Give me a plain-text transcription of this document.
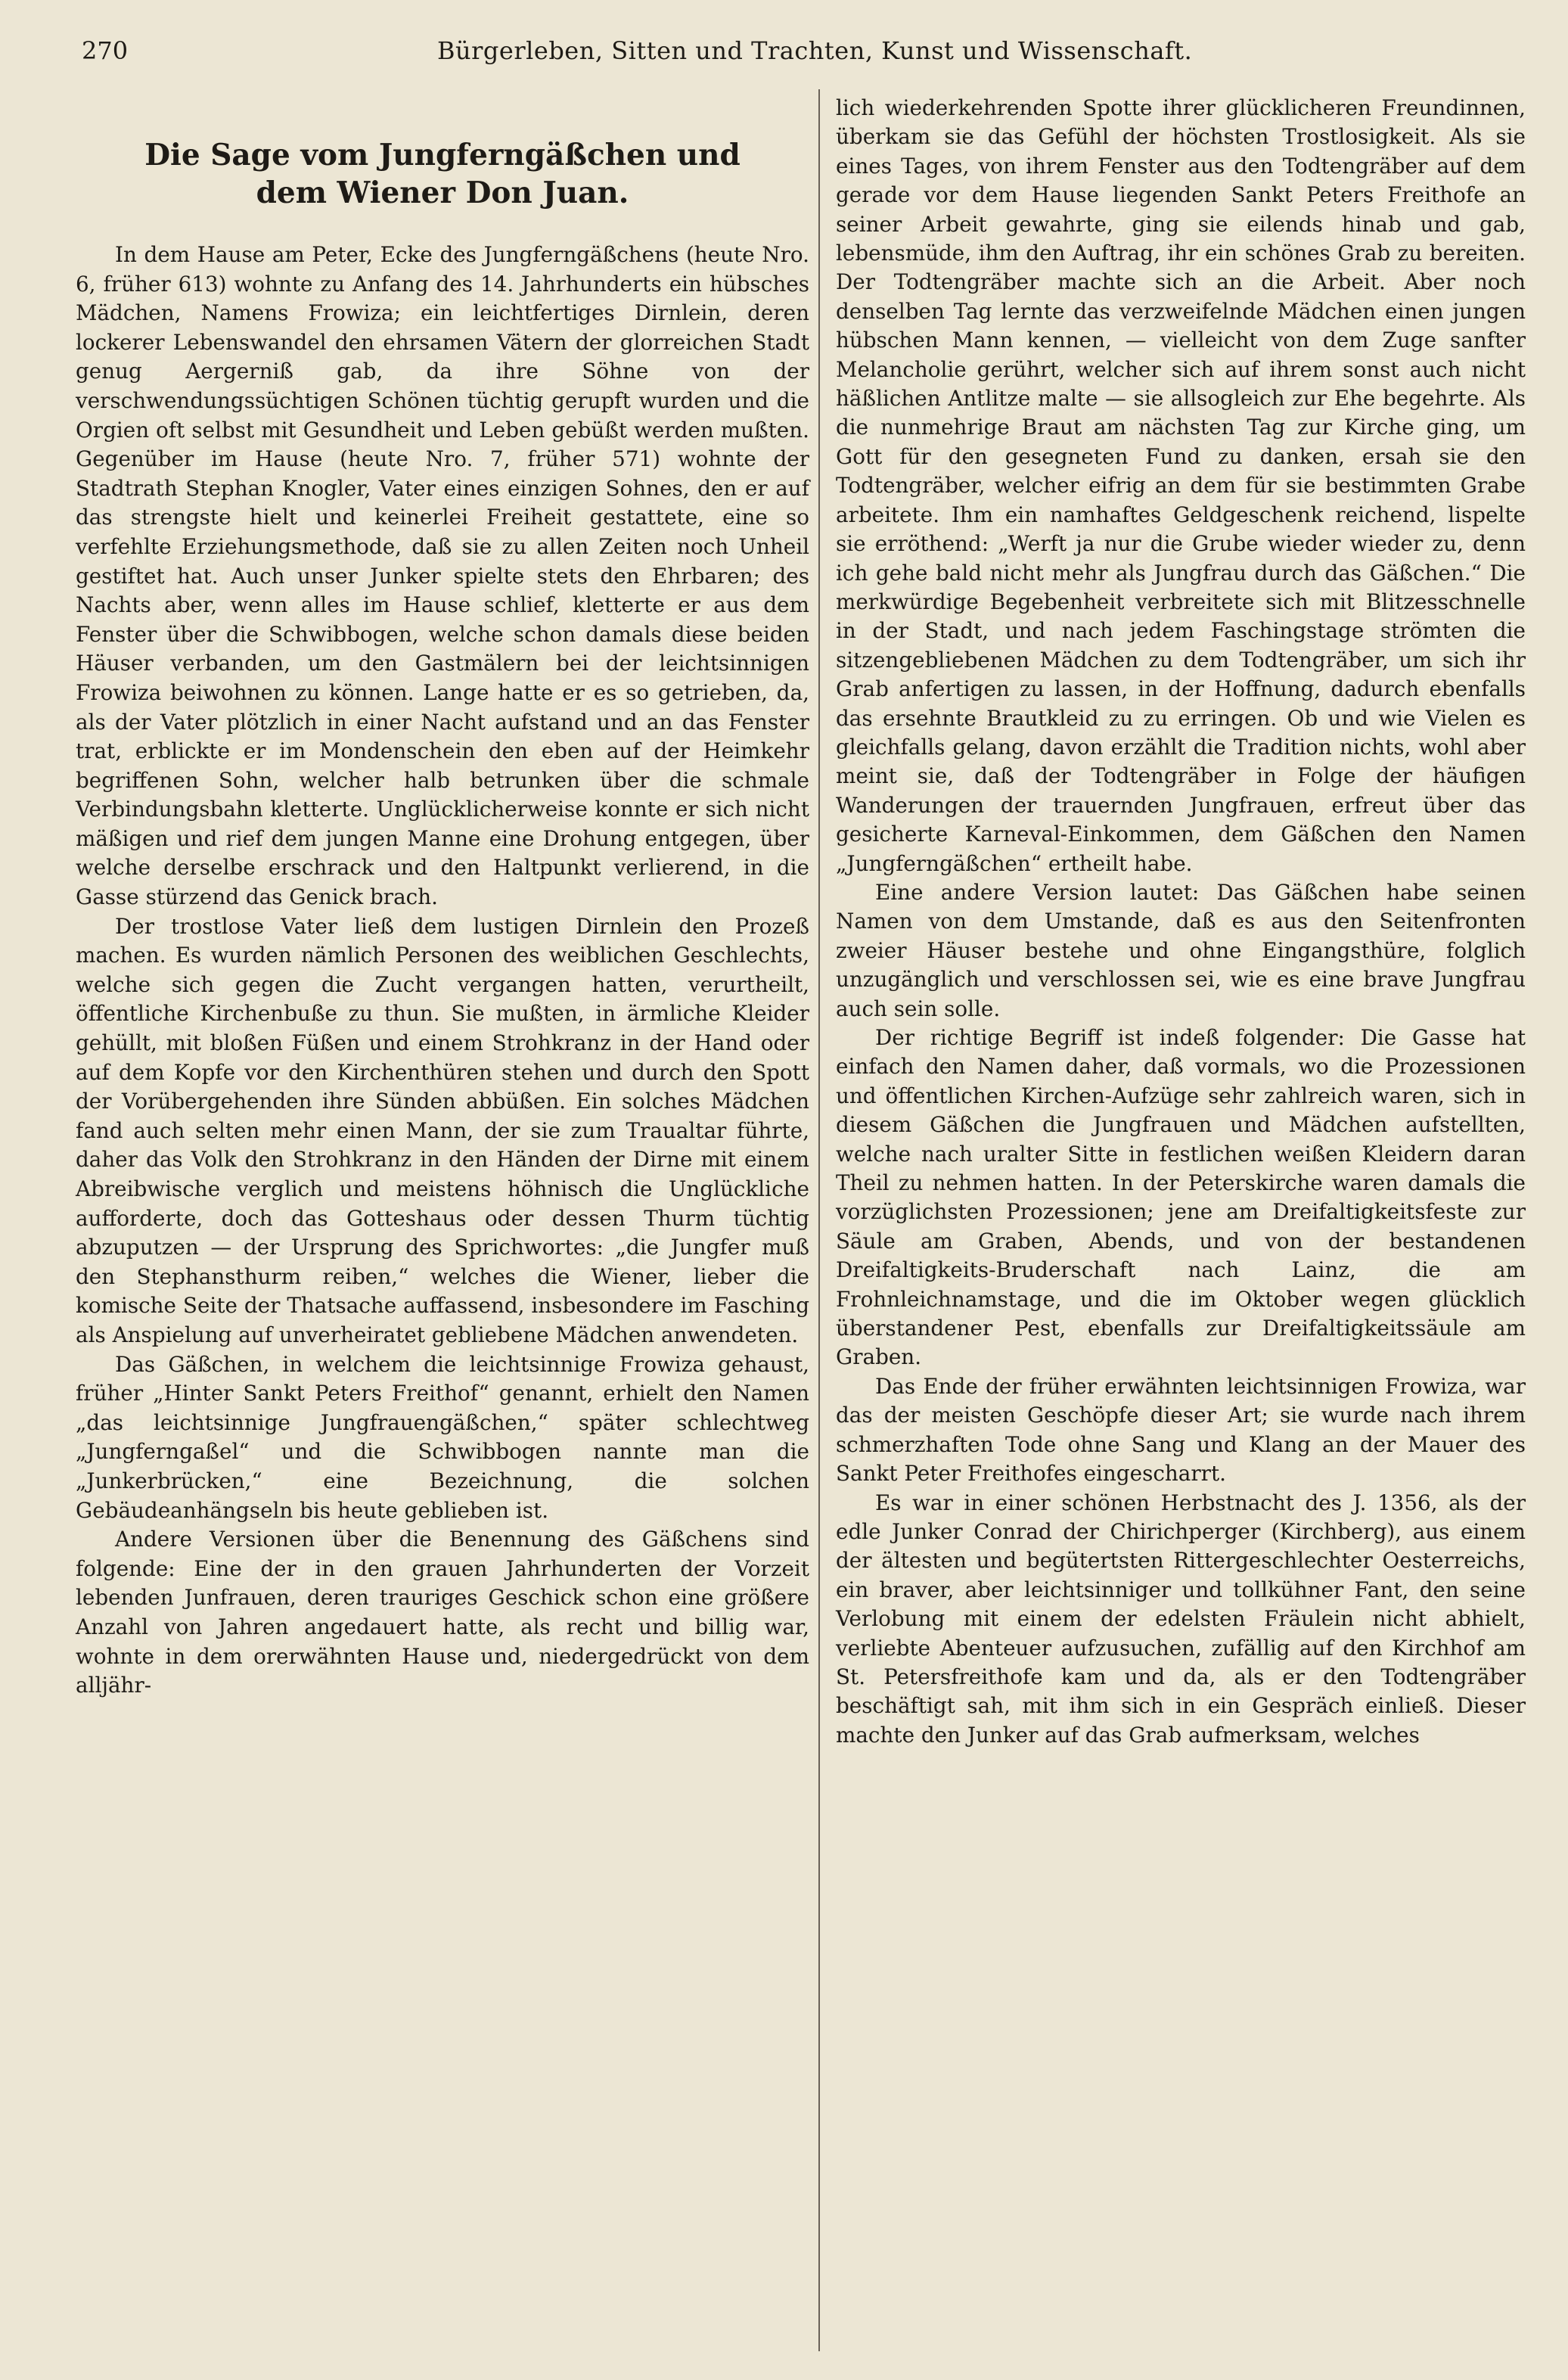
270	Bürgerleben, Sitten und Trachten, Kunst und Wissenschaft.
Die Sage vom Jungferngäßchen und dem Wiener Don Juan.

In dem Hause am Peter, Ecke des Jungferngäßchens (heute Nro. 6, früher 613) wohnte zu Anfang des 14. Jahrhunderts ein hübsches Mädchen, Namens Frowiza; ein leichtfertiges Dirnlein, deren lockerer Lebenswandel den ehrsamen Vätern der glorreichen Stadt genug Aergerniß gab, da ihre Söhne von der verschwendungssüchtigen Schönen tüchtig gerupft wurden und die Orgien oft selbst mit Gesundheit und Leben gebüßt werden mußten. Gegenüber im Hause (heute Nro. 7, früher 571) wohnte der Stadtrath Stephan Knogler, Vater eines einzigen Sohnes, den er auf das strengste hielt und keinerlei Freiheit gestattete, eine so verfehlte Erziehungsmethode, daß sie zu allen Zeiten noch Unheil gestiftet hat. Auch unser Junker spielte stets den Ehrbaren; des Nachts aber, wenn alles im Hause schlief, kletterte er aus dem Fenster über die Schwibbogen, welche schon damals diese beiden Häuser verbanden, um den Gastmälern bei der leichtsinnigen Frowiza beiwohnen zu können. Lange hatte er es so getrieben, da, als der Vater plötzlich in einer Nacht aufstand und an das Fenster trat, erblickte er im Mondenschein den eben auf der Heimkehr begriffenen Sohn, welcher halb betrunken über die schmale Verbindungsbahn kletterte. Unglücklicherweise konnte er sich nicht mäßigen und rief dem jungen Manne eine Drohung entgegen, über welche derselbe erschrack und den Haltpunkt verlierend, in die Gasse stürzend das Genick brach.

Der trostlose Vater ließ dem lustigen Dirnlein den Prozeß machen. Es wurden nämlich Personen des weiblichen Geschlechts, welche sich gegen die Zucht vergangen hatten, verurtheilt, öffentliche Kirchenbuße zu thun. Sie mußten, in ärmliche Kleider gehüllt, mit bloßen Füßen und einem Strohkranz in der Hand oder auf dem Kopfe vor den Kirchenthüren stehen und durch den Spott der Vorübergehenden ihre Sünden abbüßen. Ein solches Mädchen fand auch selten mehr einen Mann, der sie zum Traualtar führte, daher das Volk den Strohkranz in den Händen der Dirne mit einem Abreibwische verglich und meistens höhnisch die Unglückliche aufforderte, doch das Gotteshaus oder dessen Thurm tüchtig abzuputzen — der Ursprung des Sprichwortes: „die Jungfer muß den Stephansthurm reiben,“ welches die Wiener, lieber die komische Seite der Thatsache auffassend, insbesondere im Fasching als Anspielung auf unverheiratet gebliebene Mädchen anwendeten.

Das Gäßchen, in welchem die leichtsinnige Frowiza gehaust, früher „Hinter Sankt Peters Freithof“ genannt, erhielt den Namen „das leichtsinnige Jungfrauengäßchen,“ später schlechtweg „Jungferngaßel“ und die Schwibbogen nannte man die „Junkerbrücken,“ eine Bezeichnung, die solchen Gebäudeanhängseln bis heute geblieben ist.

Andere Versionen über die Benennung des Gäßchens sind folgende: Eine der in den grauen Jahrhunderten der Vorzeit lebenden Junfrauen, deren trauriges Geschick schon eine größere Anzahl von Jahren angedauert hatte, als recht und billig war, wohnte in dem orerwähnten Hause und, niedergedrückt von dem alljähr-

lich wiederkehrenden Spotte ihrer glücklicheren Freundinnen, überkam sie das Gefühl der höchsten Trostlosigkeit. Als sie eines Tages, von ihrem Fenster aus den Todtengräber auf dem gerade vor dem Hause liegenden Sankt Peters Freithofe an seiner Arbeit gewahrte, ging sie eilends hinab und gab, lebensmüde, ihm den Auftrag, ihr ein schönes Grab zu bereiten. Der Todtengräber machte sich an die Arbeit. Aber noch denselben Tag lernte das verzweifelnde Mädchen einen jungen hübschen Mann kennen, — vielleicht von dem Zuge sanfter Melancholie gerührt, welcher sich auf ihrem sonst auch nicht häßlichen Antlitze malte — sie allsogleich zur Ehe begehrte. Als die nunmehrige Braut am nächsten Tag zur Kirche ging, um Gott für den gesegneten Fund zu danken, ersah sie den Todtengräber, welcher eifrig an dem für sie bestimmten Grabe arbeitete. Ihm ein namhaftes Geldgeschenk reichend, lispelte sie erröthend: „Werft ja nur die Grube wieder wieder zu, denn ich gehe bald nicht mehr als Jungfrau durch das Gäßchen.“ Die merkwürdige Begebenheit verbreitete sich mit Blitzesschnelle in der Stadt, und nach jedem Faschingstage strömten die sitzengebliebenen Mädchen zu dem Todtengräber, um sich ihr Grab anfertigen zu lassen, in der Hoffnung, dadurch ebenfalls das ersehnte Brautkleid zu zu erringen. Ob und wie Vielen es gleichfalls gelang, davon erzählt die Tradition nichts, wohl aber meint sie, daß der Todtengräber in Folge der häufigen Wanderungen der trauernden Jungfrauen, erfreut über das gesicherte Karneval-Einkommen, dem Gäßchen den Namen „Jungferngäßchen“ ertheilt habe.

Eine andere Version lautet: Das Gäßchen habe seinen Namen von dem Umstande, daß es aus den Seitenfronten zweier Häuser bestehe und ohne Eingangsthüre, folglich unzugänglich und verschlossen sei, wie es eine brave Jungfrau auch sein solle.

Der richtige Begriff ist indeß folgender: Die Gasse hat einfach den Namen daher, daß vormals, wo die Prozessionen und öffentlichen Kirchen-Aufzüge sehr zahlreich waren, sich in diesem Gäßchen die Jungfrauen und Mädchen aufstellten, welche nach uralter Sitte in festlichen weißen Kleidern daran Theil zu nehmen hatten. In der Peterskirche waren damals die vorzüglichsten Prozessionen; jene am Dreifaltigkeitsfeste zur Säule am Graben, Abends, und von der bestandenen Dreifaltigkeits-Bruderschaft nach Lainz, die am Frohnleichnamstage, und die im Oktober wegen glücklich überstandener Pest, ebenfalls zur Dreifaltigkeitssäule am Graben.

Das Ende der früher erwähnten leichtsinnigen Frowiza, war das der meisten Geschöpfe dieser Art; sie wurde nach ihrem schmerzhaften Tode ohne Sang und Klang an der Mauer des Sankt Peter Freithofes eingescharrt.

Es war in einer schönen Herbstnacht des J. 1356, als der edle Junker Conrad der Chirichperger (Kirchberg), aus einem der ältesten und begütertsten Rittergeschlechter Oesterreichs, ein braver, aber leichtsinniger und tollkühner Fant, den seine Verlobung mit einem der edelsten Fräulein nicht abhielt, verliebte Abenteuer aufzusuchen, zufällig auf den Kirchhof am St. Petersfreithofe kam und da, als er den Todtengräber beschäftigt sah, mit ihm sich in ein Gespräch einließ. Dieser machte den Junker auf das Grab aufmerksam, welches
